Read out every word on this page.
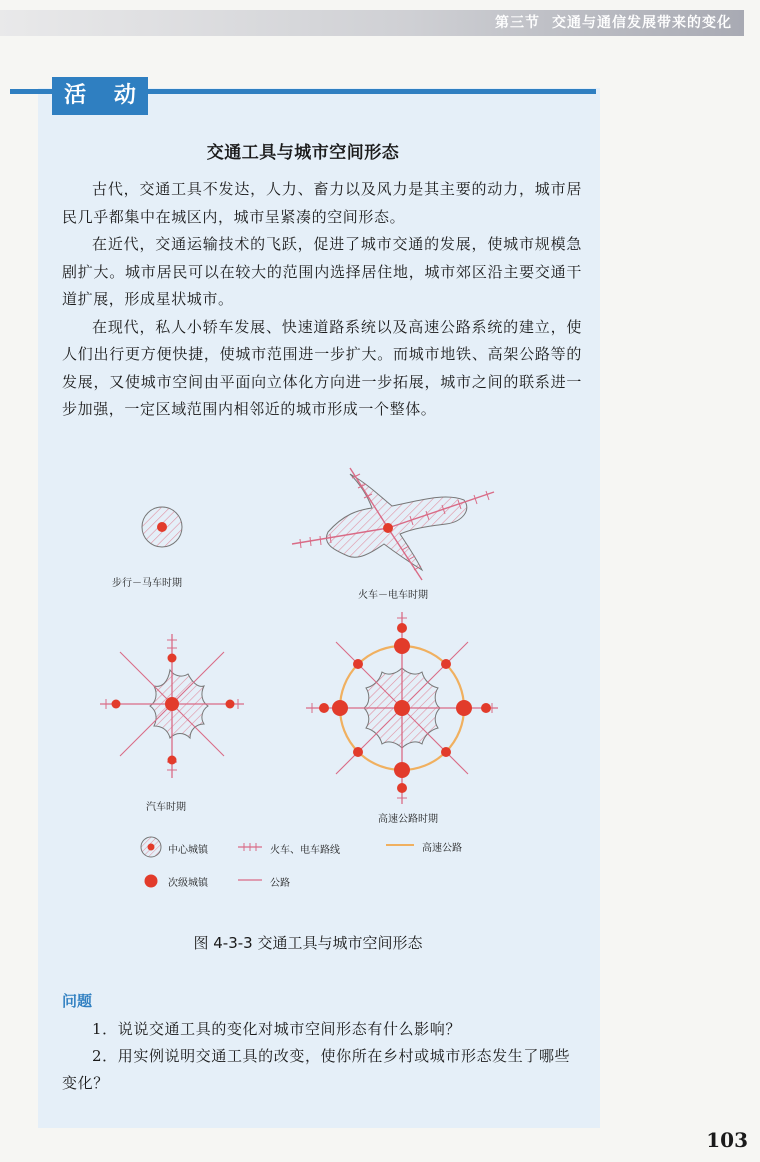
第三节 交通与通信发展带来的变化
活 动
交通工具与城市空间形态

古代，交通工具不发达，人力、畜力以及风力是其主要的动力，城市居民几乎都集中在城区内，城市呈紧凑的空间形态。

在近代，交通运输技术的飞跃，促进了城市交通的发展，使城市规模急剧扩大。城市居民可以在较大的范围内选择居住地，城市郊区沿主要交通干道扩展，形成星状城市。

在现代，私人小轿车发展、快速道路系统以及高速公路系统的建立，使人们出行更方便快捷，使城市范围进一步扩大。而城市地铁、高架公路等的发展，又使城市空间由平面向立体化方向进一步拓展，城市之间的联系进一步加强，一定区域范围内相邻近的城市形成一个整体。

步行－马车时期
火车－电车时期
汽车时期
高速公路时期
中心城镇	火车、电车路线	高速公路
次级城镇	公路
图 4-3-3 交通工具与城市空间形态
问题

1．说说交通工具的变化对城市空间形态有什么影响？

2．用实例说明交通工具的改变，使你所在乡村或城市形态发生了哪些变化？

103
